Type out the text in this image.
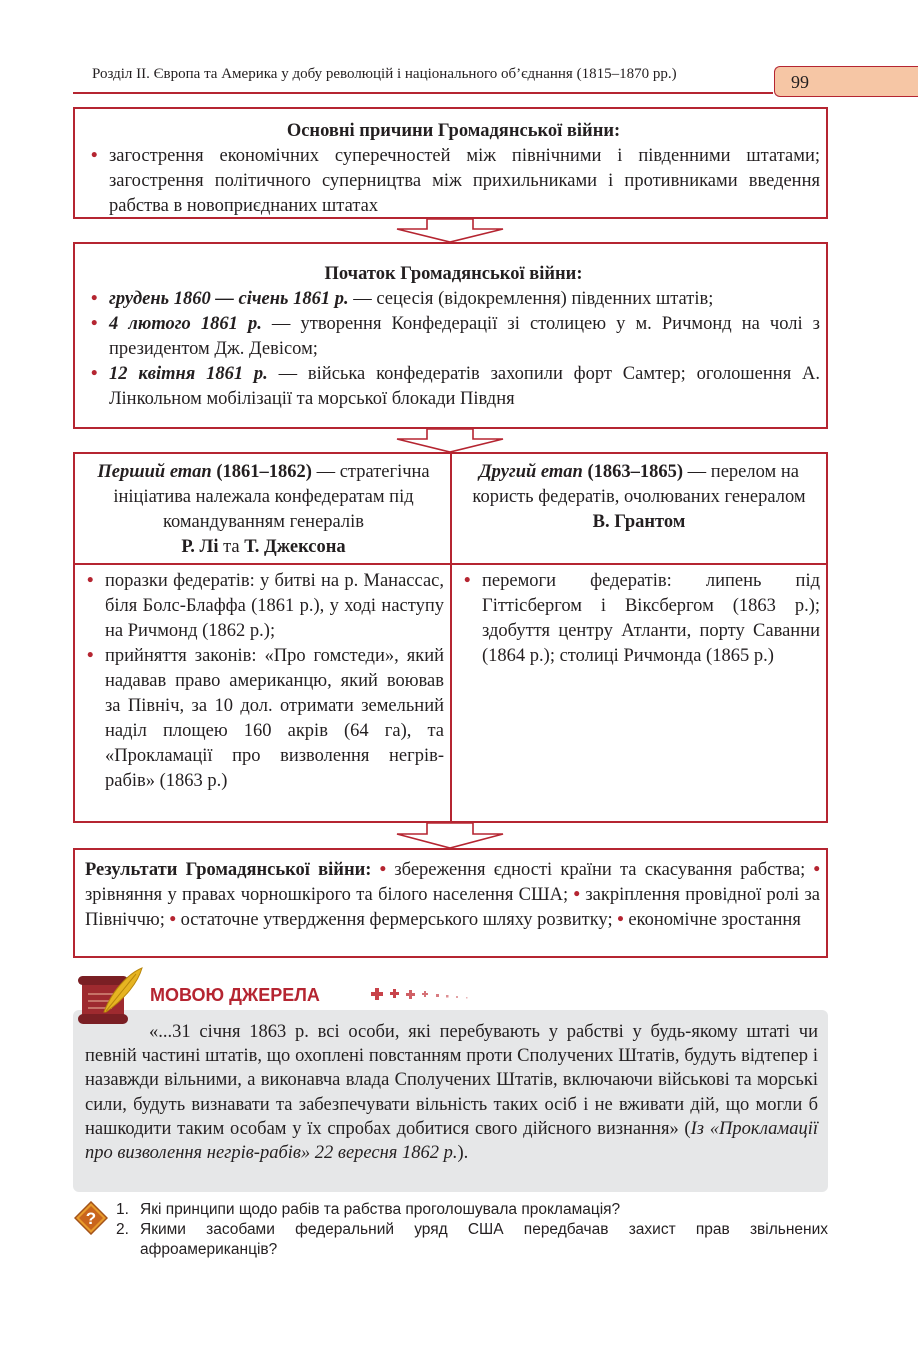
Розділ ІІ. Європа та Америка у добу революцій і національного об’єднання (1815–1870 рр.)	99
Основні причини Громадянської війни:
• загострення економічних суперечностей між північними і південними штатами; загострення політичного суперництва між прихильниками і противниками введення рабства в новоприєднаних штатах
Початок Громадянської війни:
• грудень 1860 — січень 1861 р. — сецесія (відокремлення) південних штатів;
• 4 лютого 1861 р. — утворення Конфедерації зі столицею у м. Ричмонд на чолі з президентом Дж. Девісом;
• 12 квітня 1861 р. — війська конфедератів захопили форт Самтер; оголошення А. Лінкольном мобілізації та морської блокади Півдня
Перший етап (1861–1862) — стратегічна ініціатива належала конфедератам під командуванням генералів
Р. Лі та Т. Джексона
Другий етап (1863–1865) — перелом на користь федератів, очолюваних генералом
В. Грантом
• поразки федератів: у битві на р. Манассас, біля Болс-Блаффа (1861 р.), у ході наступу на Ричмонд (1862 р.);
• прийняття законів: «Про гомстеди», який надавав право американцю, який воював за Північ, за 10 дол. отримати земельний наділ площею 160 акрів (64 га), та «Прокламації про визволення негрів-рабів» (1863 р.)
• перемоги федератів: липень під Гіттісбергом і Віксбергом (1863 р.); здобуття центру Атланти, порту Саванни (1864 р.); столиці Ричмонда (1865 р.)
Результати Громадянської війни: • збереження єдності країни та скасування рабства; • зрівняння у правах чорношкірого та білого населення США; • закріплення провідної ролі за Північчю; • остаточне утвердження фермерського шляху розвитку; • економічне зростання

«...31 січня 1863 р. всі особи, які перебувають у рабстві у будь-якому штаті чи певній частині штатів, що охоплені повстанням проти Сполучених Штатів, будуть відтепер і назавжди вільними, а виконавча влада Сполучених Штатів, включаючи військові та морські сили, будуть визнавати та забезпечувати вільність таких осіб і не вживати дій, що могли б нашкодити таким особам у їх спробах добитися свого дійсного визнання» (Із «Прокламації про визволення негрів-рабів» 22 вересня 1862 р.).

МОВОЮ ДЖЕРЕЛА
? 1. Які принципи щодо рабів та рабства проголошувала прокламація?
2. Якими засобами федеральний уряд США передбачав захист прав звільнених афроамериканців?
